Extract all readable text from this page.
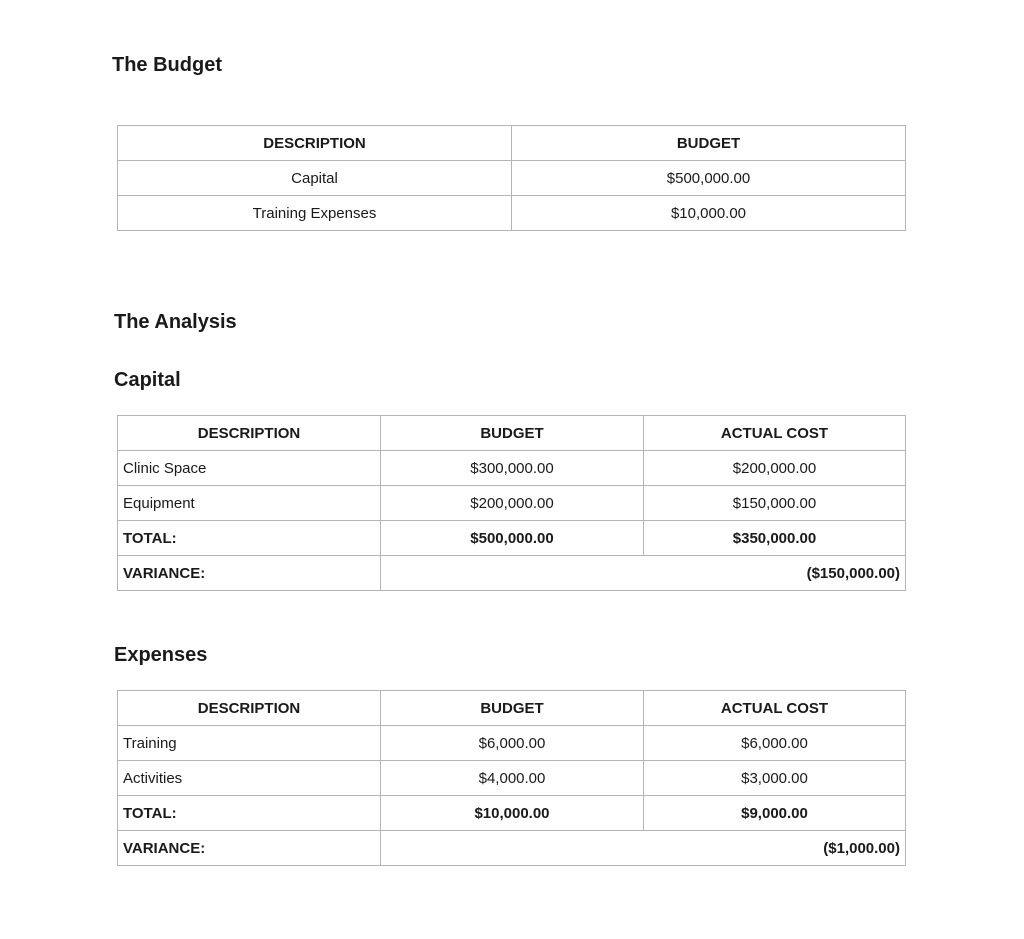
The Budget
DESCRIPTION	BUDGET
Capital	$500,000.00
Training Expenses	$10,000.00
The Analysis
Capital
DESCRIPTION	BUDGET	ACTUAL COST
Clinic Space	$300,000.00	$200,000.00
Equipment	$200,000.00	$150,000.00
TOTAL:	$500,000.00	$350,000.00
VARIANCE:	($150,000.00)	
Expenses
DESCRIPTION	BUDGET	ACTUAL COST
Training	$6,000.00	$6,000.00
Activities	$4,000.00	$3,000.00
TOTAL:	$10,000.00	$9,000.00
VARIANCE:	($1,000.00)	
